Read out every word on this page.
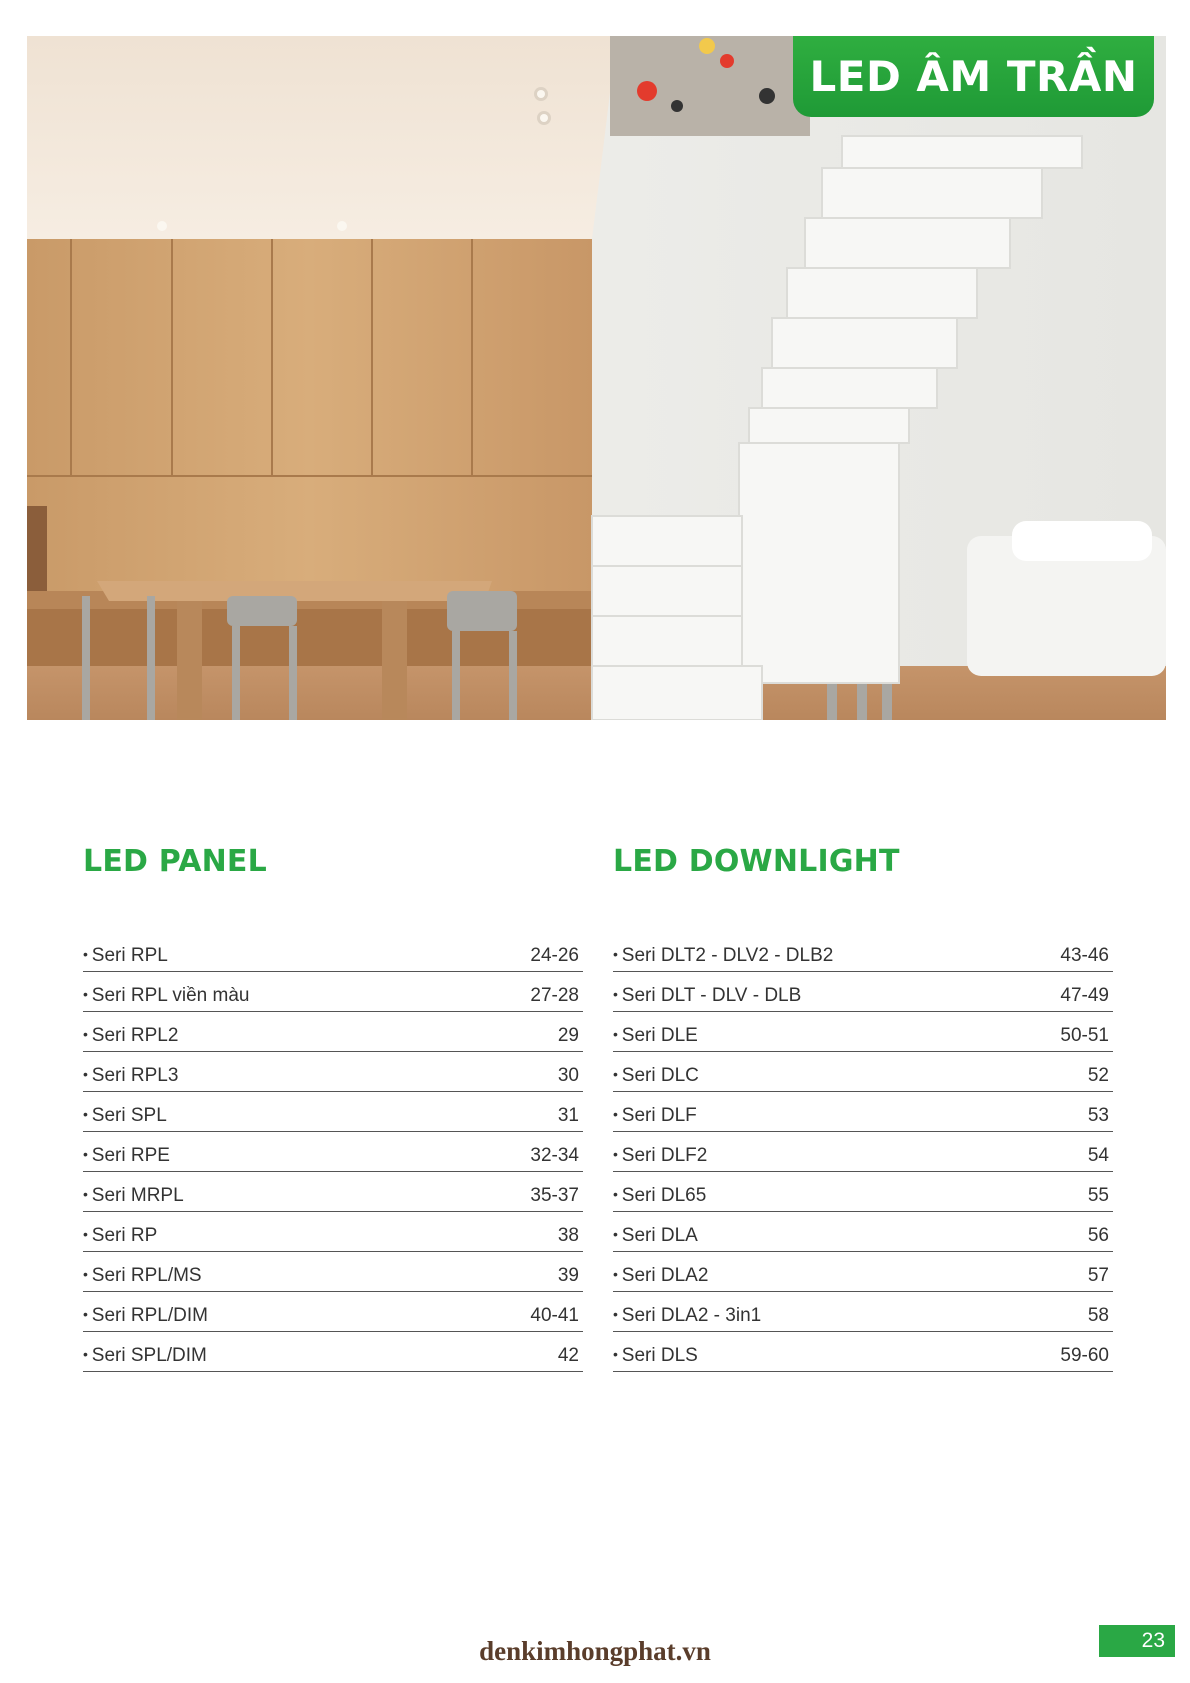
LED ÂM TRẦN
LED PANEL
• Seri RPL	24-26
• Seri RPL viền màu	27-28
• Seri RPL2	29
• Seri RPL3	30
• Seri SPL	31
• Seri RPE	32-34
• Seri MRPL	35-37
• Seri RP	38
• Seri RPL/MS	39
• Seri RPL/DIM	40-41
• Seri SPL/DIM	42
LED DOWNLIGHT
• Seri DLT2 - DLV2 - DLB2	43-46
• Seri DLT - DLV - DLB	47-49
• Seri DLE	50-51
• Seri DLC	52
• Seri DLF	53
• Seri DLF2	54
• Seri DL65	55
• Seri DLA	56
• Seri DLA2	57
• Seri DLA2 - 3in1	58
• Seri DLS	59-60
denkimhongphat.vn	23
